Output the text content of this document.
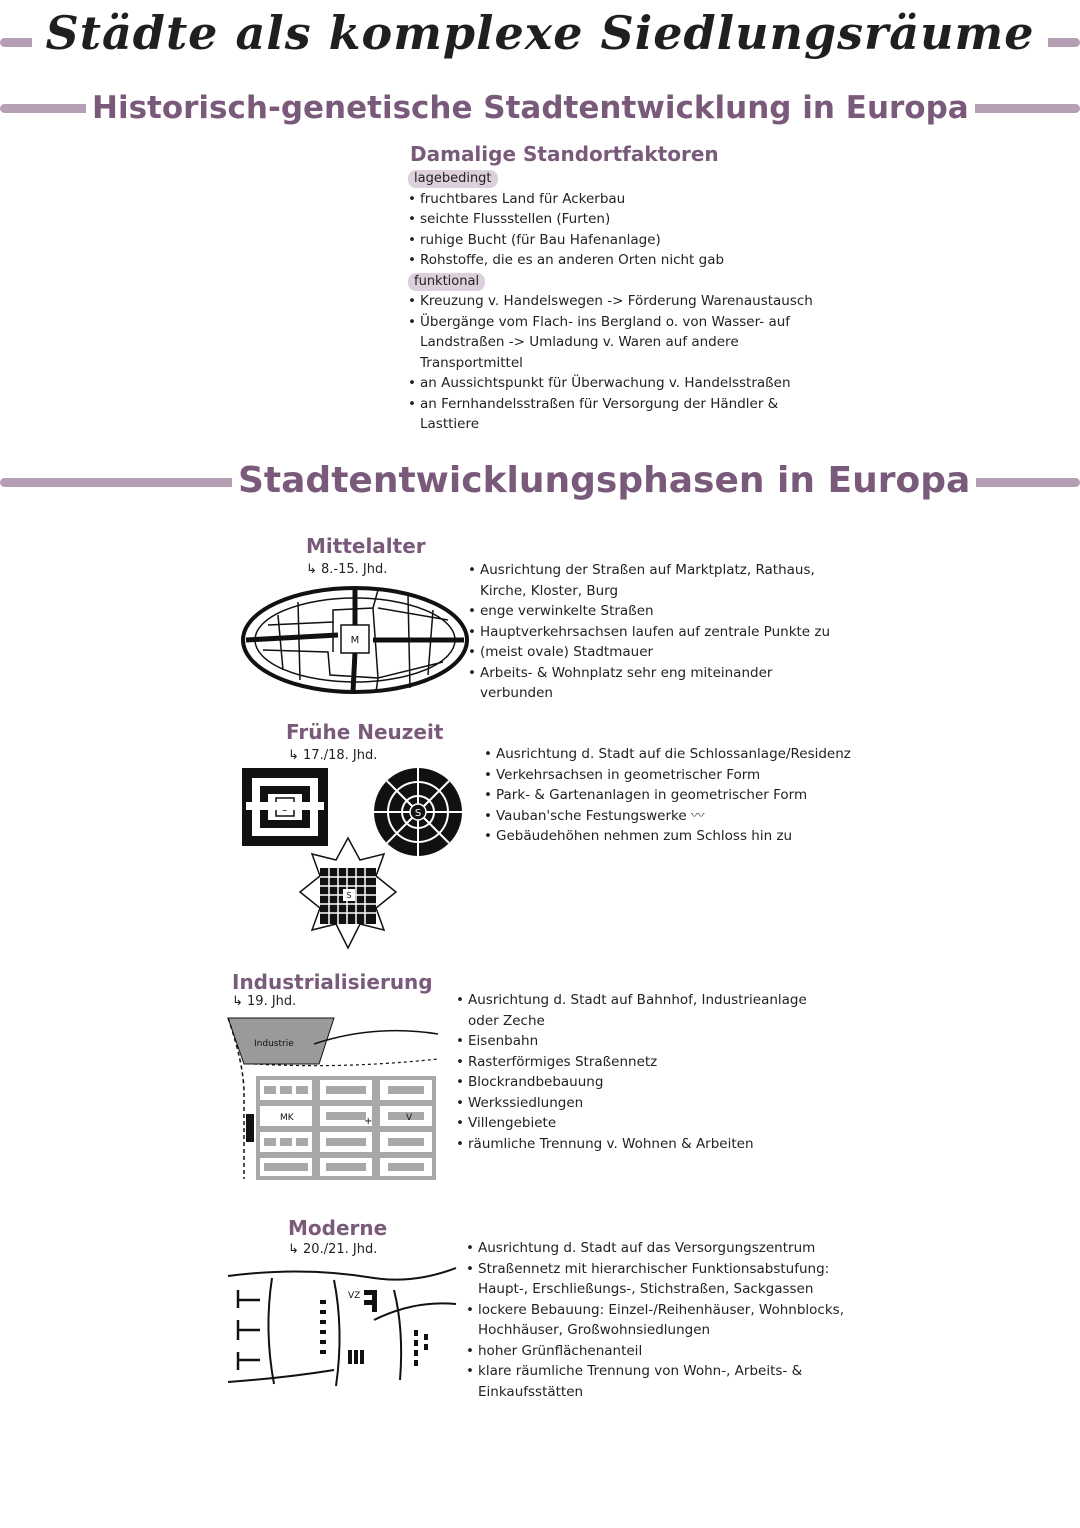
Städte als komplexe Siedlungsräume
Historisch-genetische Stadtentwicklung in Europa
Damalige Standortfaktoren
lagebedingt
• fruchtbares Land für Ackerbau
• seichte Flussstellen (Furten)
• ruhige Bucht (für Bau Hafenanlage)
• Rohstoffe, die es an anderen Orten nicht gab
funktional
• Kreuzung v. Handelswegen -> Förderung Warenaustausch
• Übergänge vom Flach- ins Bergland o. von Wasser- auf Landstraßen -> Umladung v. Waren auf andere Transportmittel
• an Aussichtspunkt für Überwachung v. Handelsstraßen
• an Fernhandelsstraßen für Versorgung der Händler & Lasttiere
Stadtentwicklungsphasen in Europa
Mittelalter
↳ 8.-15. Jhd.
M
• Ausrichtung der Straßen auf Marktplatz, Rathaus, Kirche, Kloster, Burg
• enge verwinkelte Straßen
• Hauptverkehrsachsen laufen auf zentrale Punkte zu
• (meist ovale) Stadtmauer
• Arbeits- & Wohnplatz sehr eng miteinander verbunden
Frühe Neuzeit
↳ 17./18. Jhd.
S
S
• Ausrichtung d. Stadt auf die Schlossanlage/Residenz
• Verkehrsachsen in geometrischer Form
• Park- & Gartenanlagen in geometrischer Form
• Vauban'sche Festungswerke 〰
• Gebäudehöhen nehmen zum Schloss hin zu
Industrialisierung
↳ 19. Jhd.
Industrie
MK	V
+
• Ausrichtung d. Stadt auf Bahnhof, Industrieanlage oder Zeche
• Eisenbahn
• Rasterförmiges Straßennetz
• Blockrandbebauung
• Werkssiedlungen
• Villengebiete
• räumliche Trennung v. Wohnen & Arbeiten
Moderne
↳ 20./21. Jhd.
VZ
• Ausrichtung d. Stadt auf das Versorgungszentrum
• Straßennetz mit hierarchischer Funktionsabstufung: Haupt-, Erschließungs-, Stichstraßen, Sackgassen
• lockere Bebauung: Einzel-/Reihenhäuser, Wohnblocks, Hochhäuser, Großwohnsiedlungen
• hoher Grünflächenanteil
• klare räumliche Trennung von Wohn-, Arbeits- & Einkaufsstätten
